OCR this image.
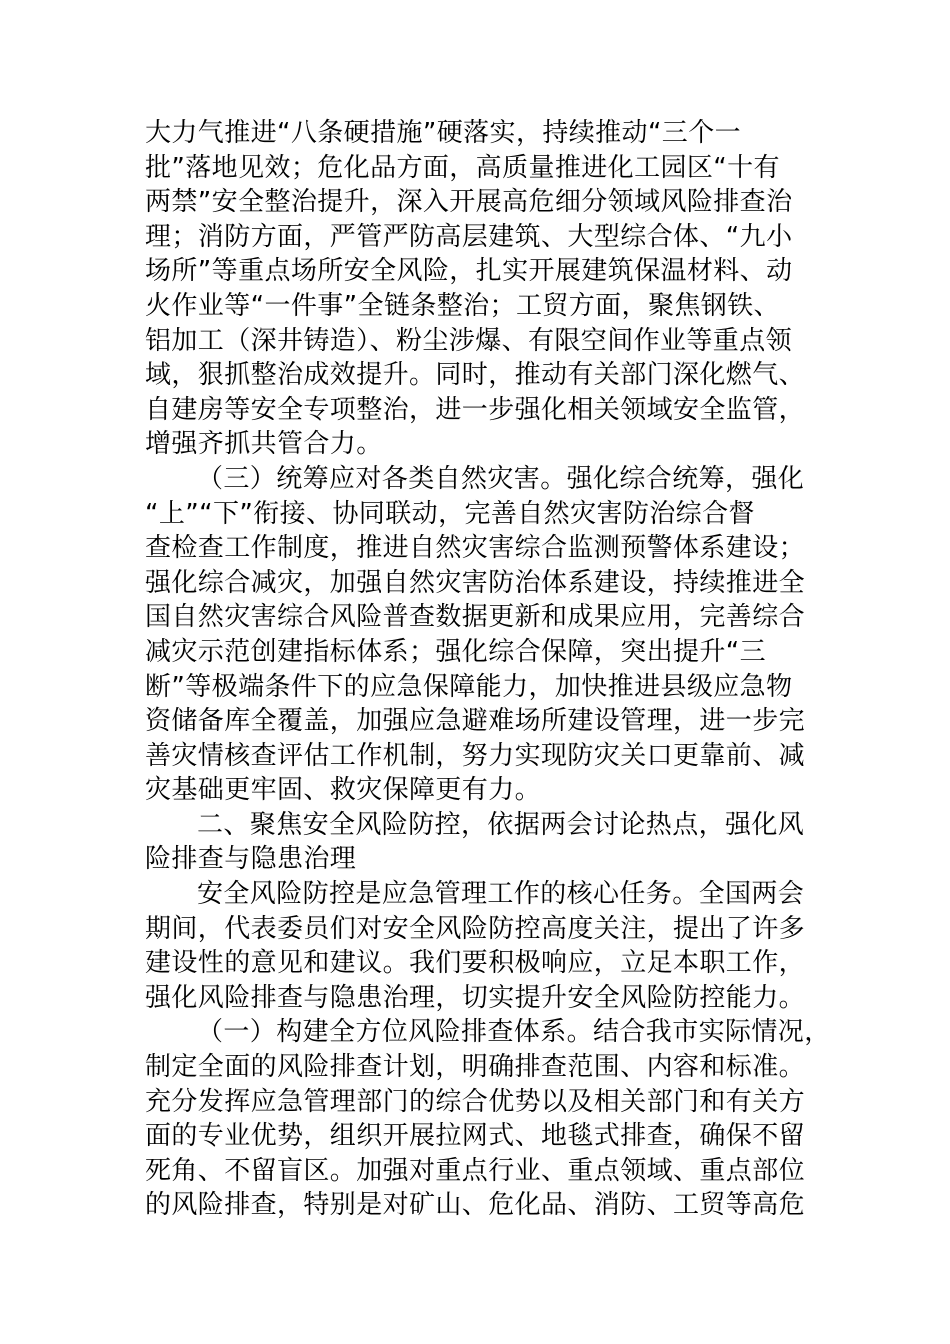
大力气推进“八条硬措施”硬落实，持续推动“三个一
批”落地见效；危化品方面，高质量推进化工园区“十有
两禁”安全整治提升，深入开展高危细分领域风险排查治
理；消防方面，严管严防高层建筑、大型综合体、“九小
场所”等重点场所安全风险，扎实开展建筑保温材料、动
火作业等“一件事”全链条整治；工贸方面，聚焦钢铁、
铝加工（深井铸造）、粉尘涉爆、有限空间作业等重点领
域，狠抓整治成效提升。同时，推动有关部门深化燃气、
自建房等安全专项整治，进一步强化相关领域安全监管，
增强齐抓共管合力。
（三）统筹应对各类自然灾害。强化综合统筹，强化
“上”“下”衔接、协同联动，完善自然灾害防治综合督
查检查工作制度，推进自然灾害综合监测预警体系建设；
强化综合减灾，加强自然灾害防治体系建设，持续推进全
国自然灾害综合风险普查数据更新和成果应用，完善综合
减灾示范创建指标体系；强化综合保障，突出提升“三
断”等极端条件下的应急保障能力，加快推进县级应急物
资储备库全覆盖，加强应急避难场所建设管理，进一步完
善灾情核查评估工作机制，努力实现防灾关口更靠前、减
灾基础更牢固、救灾保障更有力。
二、聚焦安全风险防控，依据两会讨论热点，强化风
险排查与隐患治理
安全风险防控是应急管理工作的核心任务。全国两会
期间，代表委员们对安全风险防控高度关注，提出了许多
建设性的意见和建议。我们要积极响应，立足本职工作，
强化风险排查与隐患治理，切实提升安全风险防控能力。
（一）构建全方位风险排查体系。结合我市实际情况，
制定全面的风险排查计划，明确排查范围、内容和标准。
充分发挥应急管理部门的综合优势以及相关部门和有关方
面的专业优势，组织开展拉网式、地毯式排查，确保不留
死角、不留盲区。加强对重点行业、重点领域、重点部位
的风险排查，特别是对矿山、危化品、消防、工贸等高危
